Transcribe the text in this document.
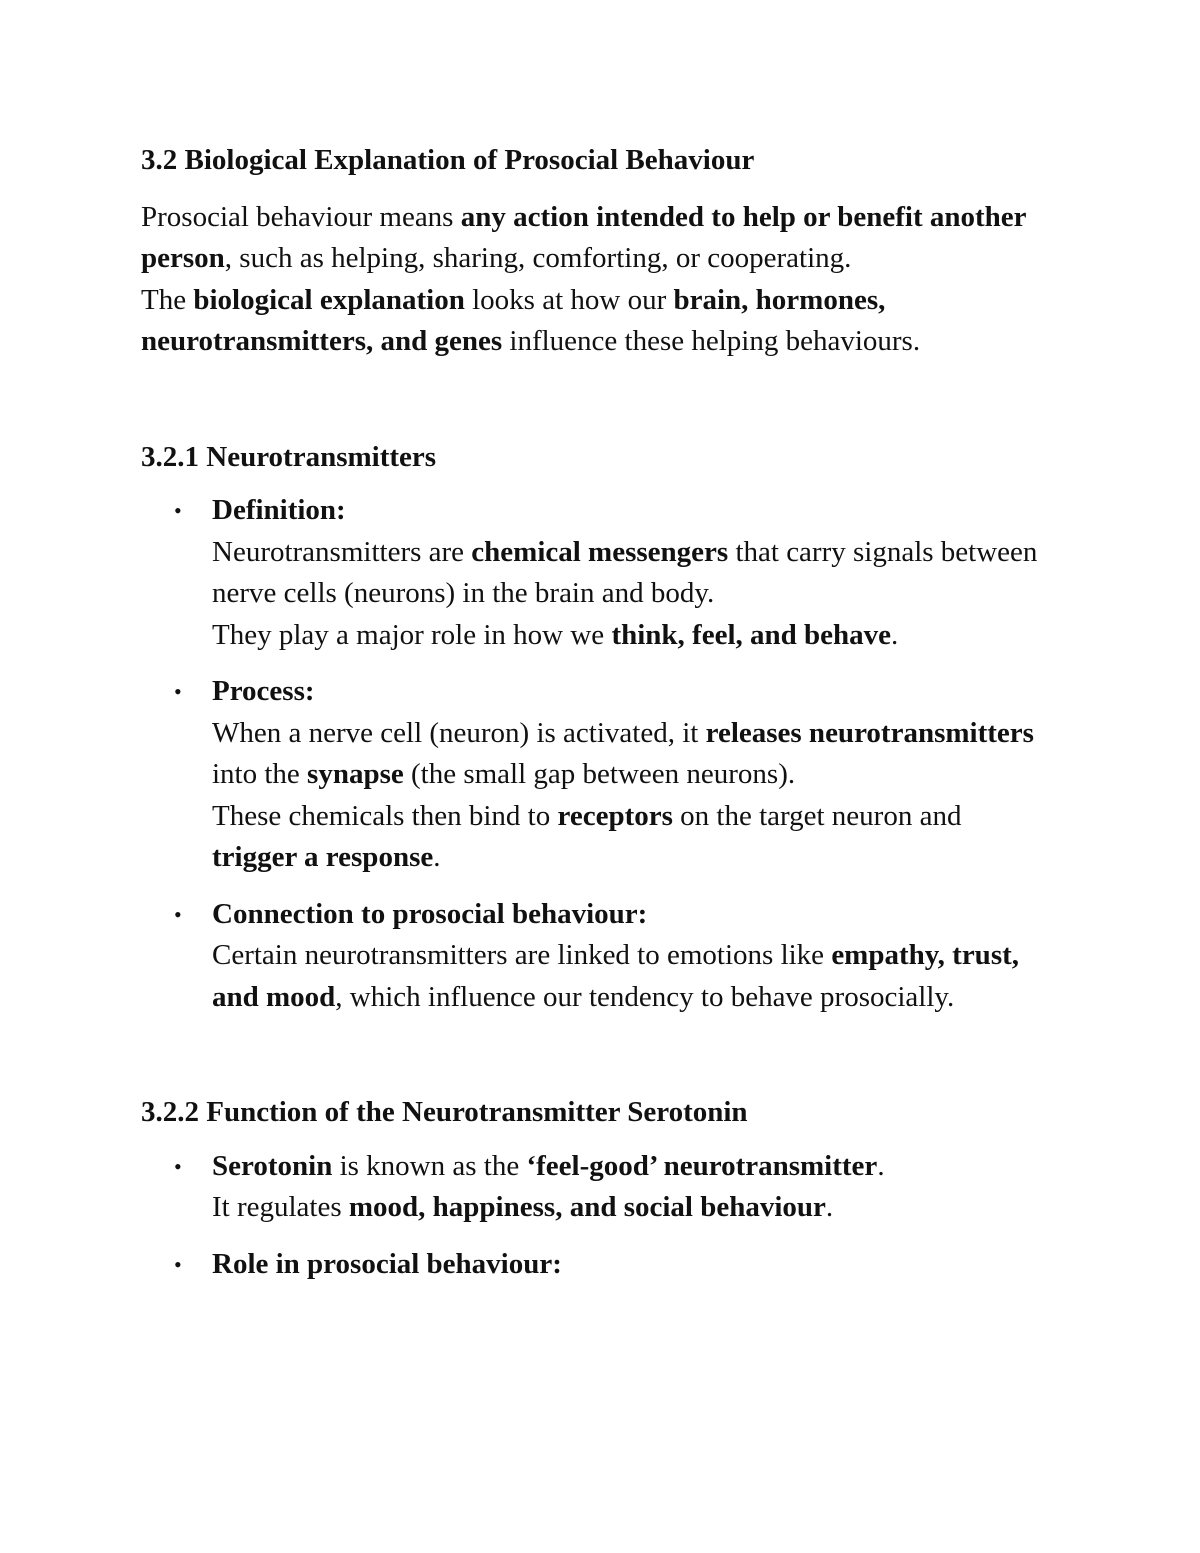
3.2 Biological Explanation of Prosocial Behaviour

Prosocial behaviour means any action intended to help or benefit another person, such as helping, sharing, comforting, or cooperating.
The biological explanation looks at how our brain, hormones, neurotransmitters, and genes influence these helping behaviours.

3.2.1 Neurotransmitters
• Definition:
Neurotransmitters are chemical messengers that carry signals between nerve cells (neurons) in the brain and body.
They play a major role in how we think, feel, and behave.
• Process:
When a nerve cell (neuron) is activated, it releases neurotransmitters into the synapse (the small gap between neurons).
These chemicals then bind to receptors on the target neuron and trigger a response.
• Connection to prosocial behaviour:
Certain neurotransmitters are linked to emotions like empathy, trust, and mood, which influence our tendency to behave prosocially.
3.2.2 Function of the Neurotransmitter Serotonin
• Serotonin is known as the ‘feel-good’ neurotransmitter.
It regulates mood, happiness, and social behaviour.
• Role in prosocial behaviour:
